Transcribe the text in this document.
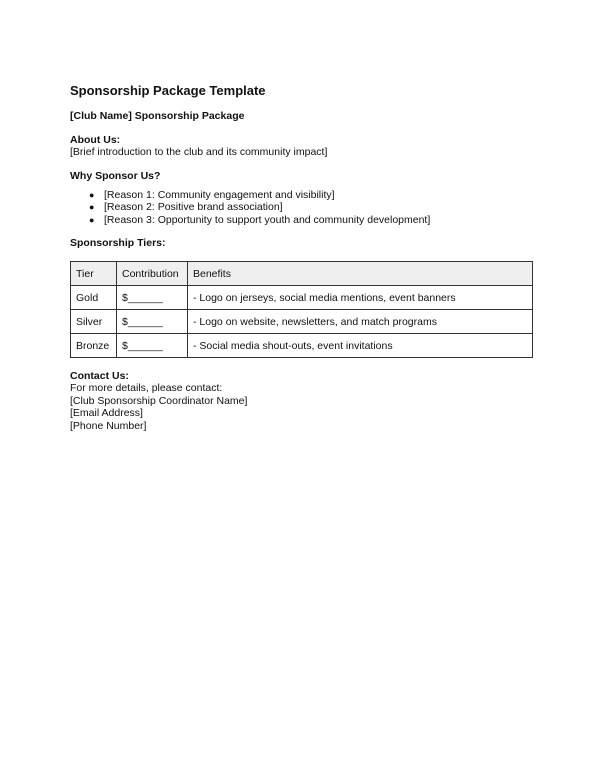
Sponsorship Package Template

[Club Name] Sponsorship Package

About Us:

[Brief introduction to the club and its community impact]

Why Sponsor Us?

● [Reason 1: Community engagement and visibility]
● [Reason 2: Positive brand association]
● [Reason 3: Opportunity to support youth and community development]

Sponsorship Tiers:

Tier	Contribution	Benefits
Gold	$______	- Logo on jerseys, social media mentions, event banners
Silver	$______	- Logo on website, newsletters, and match programs
Bronze	$______	- Social media shout-outs, event invitations

Contact Us:

For more details, please contact:

[Club Sponsorship Coordinator Name]

[Email Address]

[Phone Number]
